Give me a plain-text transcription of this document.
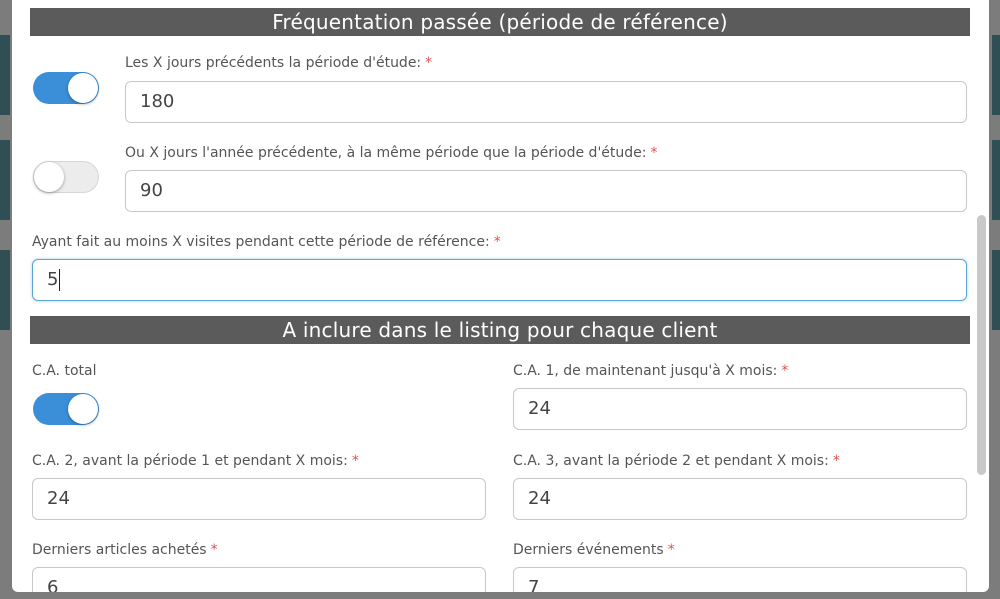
Fréquentation passée (période de référence)
Les X jours précédents la période d'étude: *
180
Ou X jours l'année précédente, à la même période que la période d'étude: *
90
Ayant fait au moins X visites pendant cette période de référence: *
5
A inclure dans le listing pour chaque client
C.A. total	C.A. 1, de maintenant jusqu'à X mois: *
24
C.A. 2, avant la période 1 et pendant X mois: *
24
C.A. 3, avant la période 2 et pendant X mois: *
24
Derniers articles achetés *
6
Derniers événements *
7
